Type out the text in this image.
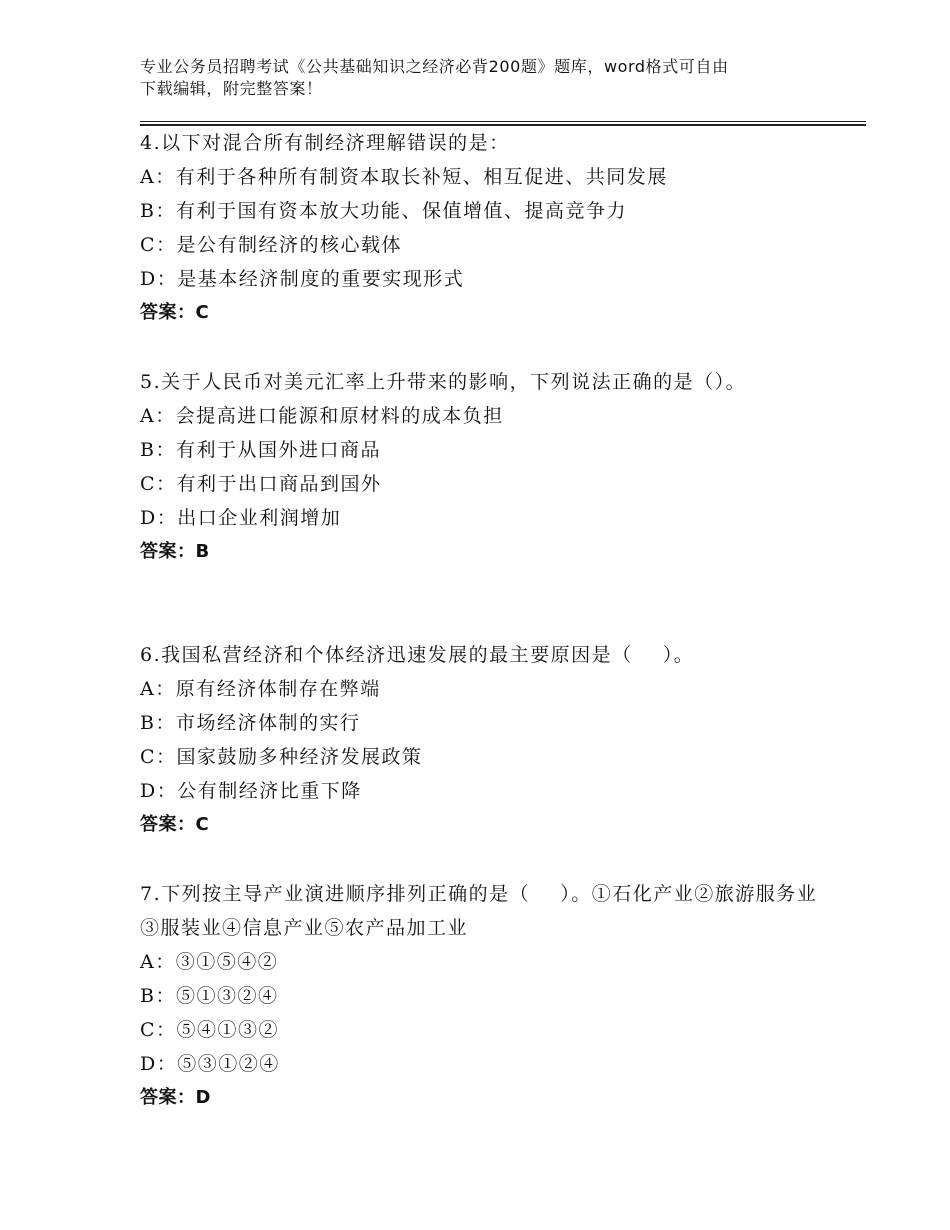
专业公务员招聘考试《公共基础知识之经济必背200题》题库，word格式可自由

下载编辑，附完整答案！

4.以下对混合所有制经济理解错误的是：

A：有利于各种所有制资本取长补短、相互促进、共同发展

B：有利于国有资本放大功能、保值增值、提高竞争力

C：是公有制经济的核心载体

D：是基本经济制度的重要实现形式

答案：C

5.关于人民币对美元汇率上升带来的影响，下列说法正确的是（）。

A：会提高进口能源和原材料的成本负担

B：有利于从国外进口商品

C：有利于出口商品到国外

D：出口企业利润增加

答案：B

6.我国私营经济和个体经济迅速发展的最主要原因是（    ）。

A：原有经济体制存在弊端

B：市场经济体制的实行

C：国家鼓励多种经济发展政策

D：公有制经济比重下降

答案：C

7.下列按主导产业演进顺序排列正确的是（    ）。①石化产业②旅游服务业③服装业④信息产业⑤农产品加工业

A：③①⑤④②

B：⑤①③②④

C：⑤④①③②

D：⑤③①②④

答案：D
